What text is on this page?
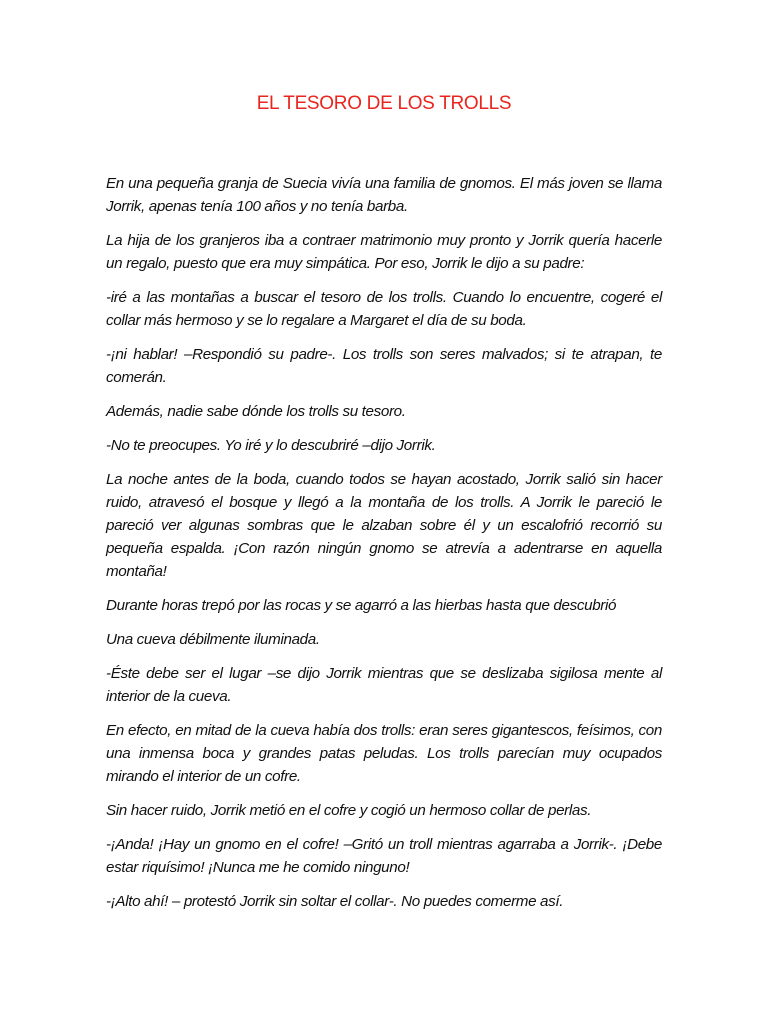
EL TESORO DE LOS TROLLS

En una pequeña granja de Suecia vivía una familia de gnomos. El más joven se llama Jorrik, apenas tenía 100 años y no tenía barba.

La hija de los granjeros iba a contraer matrimonio muy pronto y Jorrik quería hacerle un regalo, puesto que era muy simpática. Por eso, Jorrik le dijo a su padre:

-iré a las montañas a buscar el tesoro de los trolls. Cuando lo encuentre, cogeré el collar más hermoso y se lo regalare a Margaret el día de su boda.

-¡ni hablar! –Respondió su padre-. Los trolls son seres malvados; si te atrapan, te comerán.

Además, nadie sabe dónde los trolls su tesoro.

-No te preocupes. Yo iré y lo descubriré –dijo Jorrik.

La noche antes de la boda, cuando todos se hayan acostado, Jorrik salió sin hacer ruido, atravesó el bosque y llegó a la montaña de los trolls. A Jorrik le pareció le pareció ver algunas sombras que le alzaban sobre él y un escalofrió recorrió su pequeña espalda. ¡Con razón ningún gnomo se atrevía a adentrarse en aquella montaña!

Durante horas trepó por las rocas y se agarró a las hierbas hasta que descubrió

Una cueva débilmente iluminada.

-Éste debe ser el lugar –se dijo Jorrik mientras que se deslizaba sigilosa mente al interior de la cueva.

En efecto, en mitad de la cueva había dos trolls: eran seres gigantescos, feísimos, con una inmensa boca y grandes patas peludas. Los trolls parecían muy ocupados mirando el interior de un cofre.

Sin hacer ruido, Jorrik metió en el cofre y cogió un hermoso collar de perlas.

-¡Anda! ¡Hay un gnomo en el cofre! –Gritó un troll mientras agarraba a Jorrik-. ¡Debe estar riquísimo! ¡Nunca me he comido ninguno!

-¡Alto ahí! – protestó Jorrik sin soltar el collar-. No puedes comerme así.
